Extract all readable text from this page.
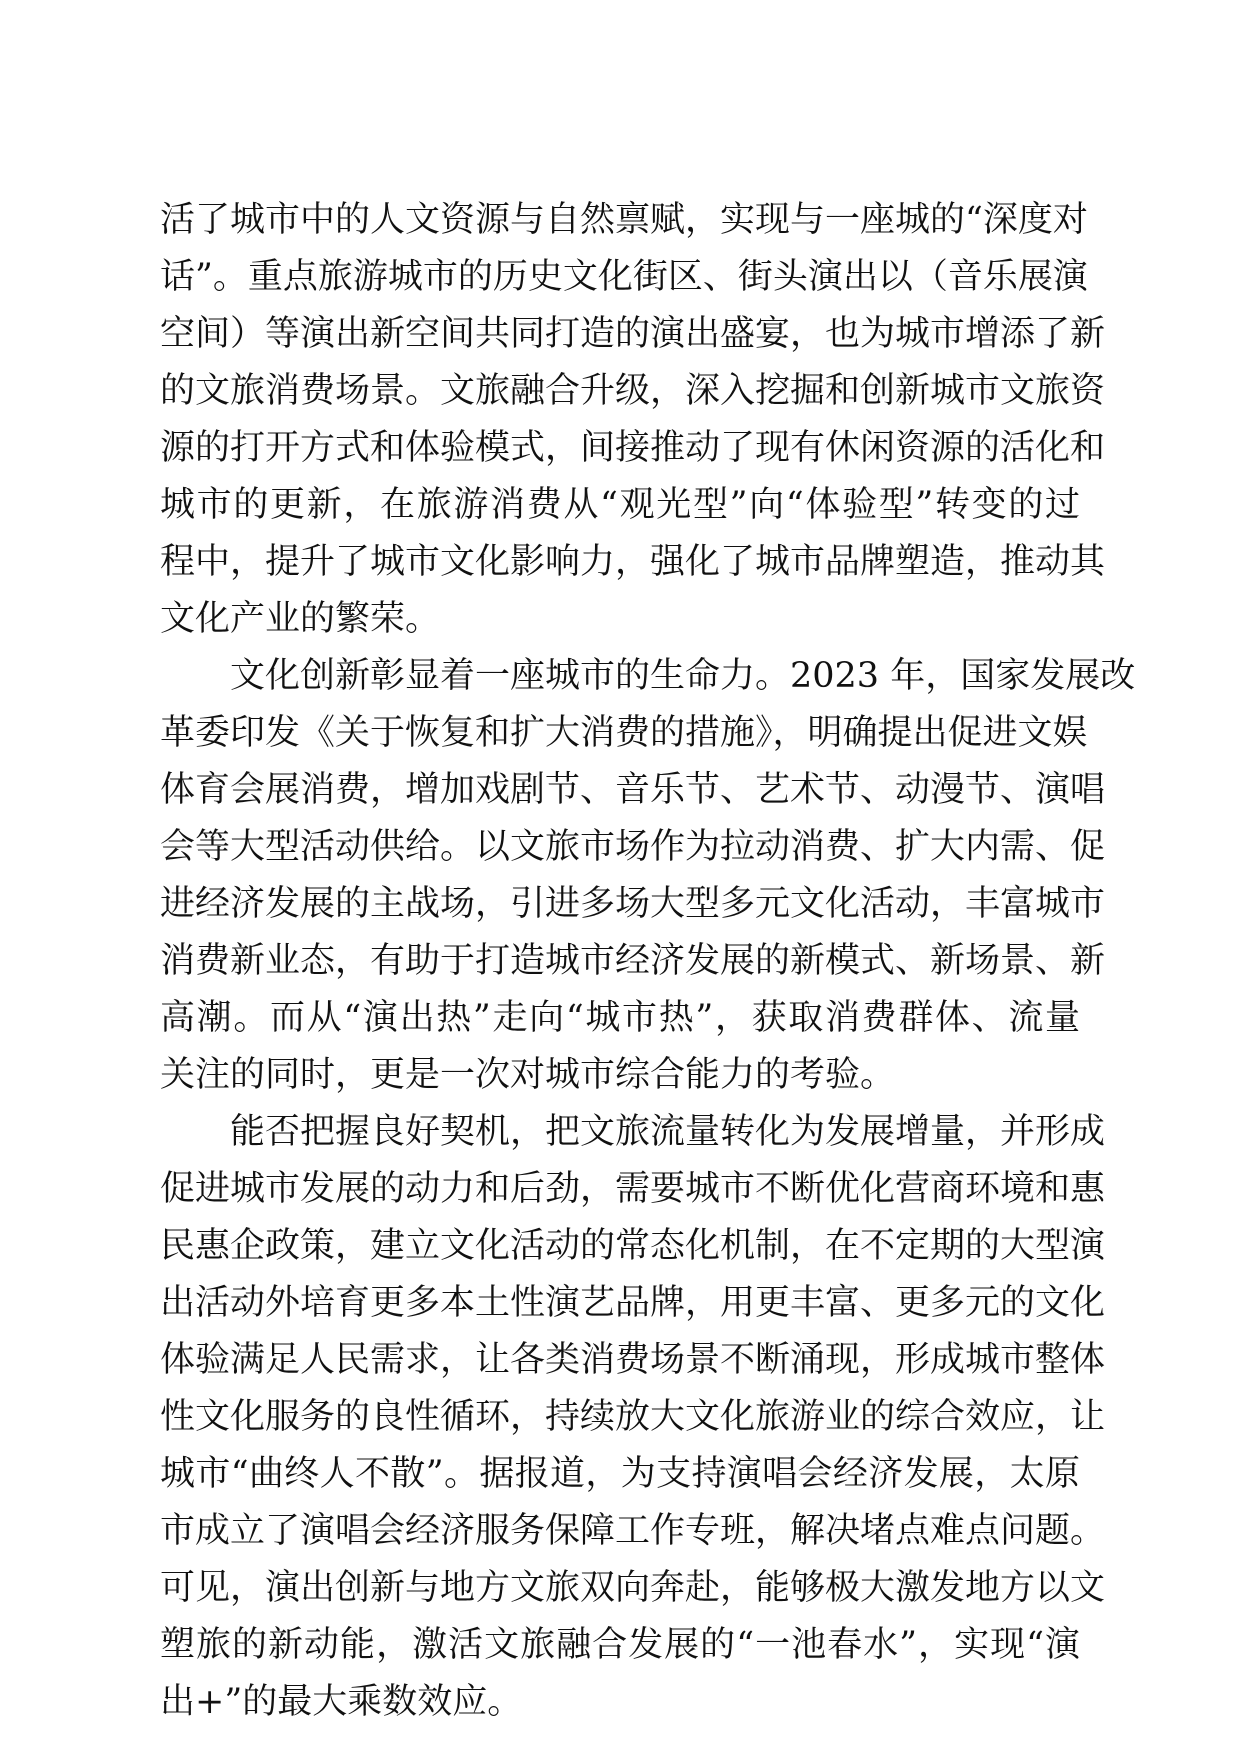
活了城市中的人文资源与自然禀赋，实现与一座城的“深度对
话”。重点旅游城市的历史文化街区、街头演出以（音乐展演
空间）等演出新空间共同打造的演出盛宴，也为城市增添了新
的文旅消费场景。文旅融合升级，深入挖掘和创新城市文旅资
源的打开方式和体验模式，间接推动了现有休闲资源的活化和
城市的更新，在旅游消费从“观光型”向“体验型”转变的过
程中，提升了城市文化影响力，强化了城市品牌塑造，推动其
文化产业的繁荣。
文化创新彰显着一座城市的生命力。2023 年，国家发展改
革委印发《关于恢复和扩大消费的措施》，明确提出促进文娱
体育会展消费，增加戏剧节、音乐节、艺术节、动漫节、演唱
会等大型活动供给。以文旅市场作为拉动消费、扩大内需、促
进经济发展的主战场，引进多场大型多元文化活动，丰富城市
消费新业态，有助于打造城市经济发展的新模式、新场景、新
高潮。而从“演出热”走向“城市热”，获取消费群体、流量
关注的同时，更是一次对城市综合能力的考验。
能否把握良好契机，把文旅流量转化为发展增量，并形成
促进城市发展的动力和后劲，需要城市不断优化营商环境和惠
民惠企政策，建立文化活动的常态化机制，在不定期的大型演
出活动外培育更多本土性演艺品牌，用更丰富、更多元的文化
体验满足人民需求，让各类消费场景不断涌现，形成城市整体
性文化服务的良性循环，持续放大文化旅游业的综合效应，让
城市“曲终人不散”。据报道，为支持演唱会经济发展，太原
市成立了演唱会经济服务保障工作专班，解决堵点难点问题。
可见，演出创新与地方文旅双向奔赴，能够极大激发地方以文
塑旅的新动能，激活文旅融合发展的“一池春水”，实现“演
出+”的最大乘数效应。
